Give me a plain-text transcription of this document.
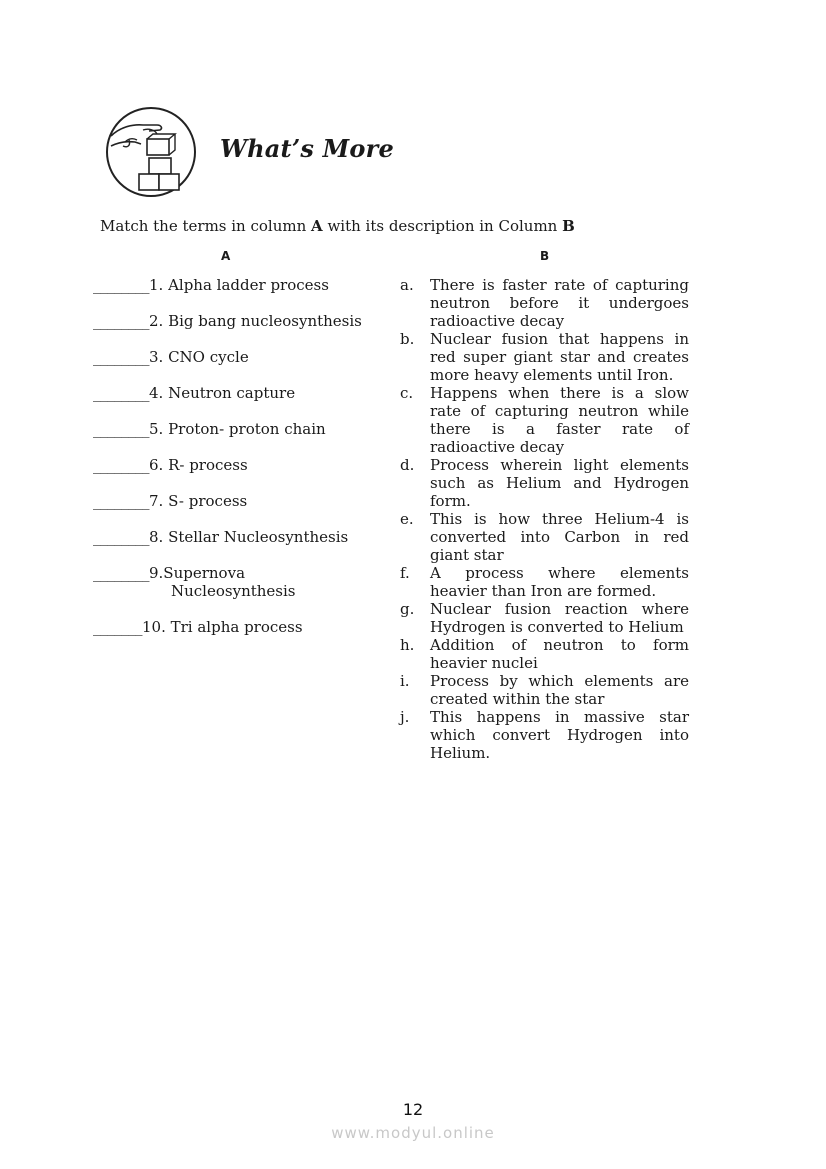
What’s More
Match the terms in column A with its description in Column B
A	B
________1. Alpha ladder process
________2. Big bang nucleosynthesis
________3. CNO cycle
________4. Neutron capture
________5. Proton- proton chain
________6. R- process
________7. S- process
________8. Stellar Nucleosynthesis
________9.Supernova
Nucleosynthesis
_______10. Tri alpha process
a.	There is faster rate of capturing neutron before it undergoes radioactive decay
b.	Nuclear fusion that happens in red super giant star and creates more heavy elements until Iron.
c.	Happens when there is a slow rate of capturing neutron while there is a faster rate of radioactive decay
d.	Process wherein light elements such as Helium and Hydrogen form.
e.	This is how three Helium-4 is converted into Carbon in red giant star
f.	A process where elements heavier than Iron are formed.
g.	Nuclear fusion reaction where Hydrogen is converted to Helium
h.	Addition of neutron to form heavier nuclei
i.	Process by which elements are created within the star
j.	This happens in massive star which convert Hydrogen into Helium.
12
www.modyul.online
